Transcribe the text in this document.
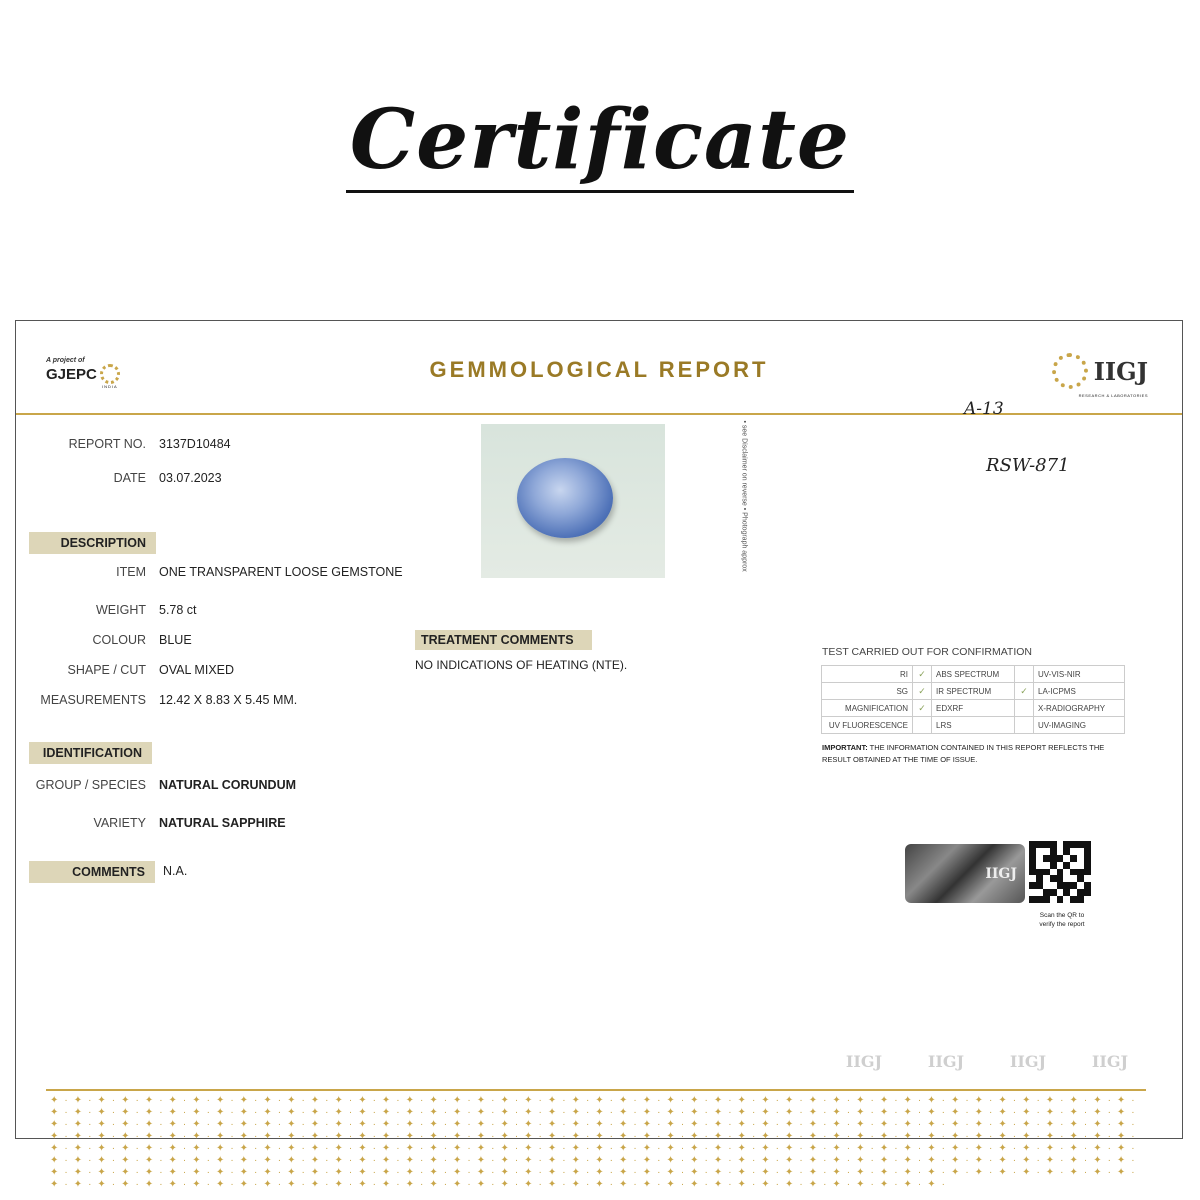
Certificate
A project of
GJEPC
INDIA
GEMMOLOGICAL REPORT	IIGJ
RESEARCH & LABORATORIES
A-13
RSW-871
REPORT NO. 3137D10484
DATE 03.07.2023
DESCRIPTION
ITEM ONE TRANSPARENT LOOSE GEMSTONE
WEIGHT 5.78 ct
COLOUR BLUE
SHAPE / CUT OVAL MIXED
MEASUREMENTS 12.42 X 8.83 X 5.45 MM.
IDENTIFICATION
GROUP / SPECIES NATURAL CORUNDUM
VARIETY NATURAL SAPPHIRE
COMMENTS	N.A.
• see Disclaimer on reverse • Photograph approx
TREATMENT COMMENTS
NO INDICATIONS OF HEATING (NTE).
TEST CARRIED OUT FOR CONFIRMATION
RI	✓	ABS SPECTRUM		UV-VIS-NIR
SG	✓	IR SPECTRUM	✓	LA-ICPMS
MAGNIFICATION	✓	EDXRF		X-RADIOGRAPHY
UV FLUORESCENCE		LRS		UV-IMAGING
IMPORTANT: THE INFORMATION CONTAINED IN THIS REPORT REFLECTS THE RESULT OBTAINED AT THE TIME OF ISSUE.
IIGJ
Scan the QR to verify the report
IIGJ	IIGJ	IIGJ	IIGJ
✦·✦·✦·✦·✦·✦·✦·✦·✦·✦·✦·✦·✦·✦·✦·✦·✦·✦·✦·✦·✦·✦·✦·✦·✦·✦·✦·✦·✦·✦·✦·✦·✦·✦·✦·✦·✦·✦·✦·✦·✦·✦·✦·✦·✦·✦·✦·✦·✦·✦·✦·✦·✦·✦·✦·✦·✦·✦·✦·✦·✦·✦·✦·✦·✦·✦·✦·✦·✦·✦·✦·✦·✦·✦·✦·✦·✦·✦·✦·✦·✦·✦·✦·✦·✦·✦·✦·✦·✦·✦·✦·✦·✦·✦·✦·✦·✦·✦·✦·✦·✦·✦·✦·✦·✦·✦·✦·✦·✦·✦·✦·✦·✦·✦·✦·✦·✦·✦·✦·✦·✦·✦·✦·✦·✦·✦·✦·✦·✦·✦·✦·✦·✦·✦·✦·✦·✦·✦·✦·✦·✦·✦·✦·✦·✦·✦·✦·✦·✦·✦·✦·✦·✦·✦·✦·✦·✦·✦·✦·✦·✦·✦·✦·✦·✦·✦·✦·✦·✦·✦·✦·✦·✦·✦·✦·✦·✦·✦·✦·✦·✦·✦·✦·✦·✦·✦·✦·✦·✦·✦·✦·✦·✦·✦·✦·✦·✦·✦·✦·✦·✦·✦·✦·✦·✦·✦·✦·✦·✦·✦·✦·✦·✦·✦·✦·✦·✦·✦·✦·✦·✦·✦·✦·✦·✦·✦·✦·✦·✦·✦·✦·✦·✦·✦·✦·✦·✦·✦·✦·✦·✦·✦·✦·✦·✦·✦·✦·✦·✦·✦·✦·✦·✦·✦·✦·✦·✦·✦·✦·✦·✦·✦·✦·✦·✦·✦·✦·✦·✦·✦·✦·✦·✦·✦·✦·✦·✦·✦·✦·✦·✦·✦·✦·✦·✦·✦·✦·✦·✦·✦·✦·✦·✦·✦·✦·✦·✦·✦·✦·✦·✦·✦·✦·✦·✦·✦·✦·✦·✦·✦·✦·✦·✦·✦·✦·✦·✦·✦·✦·✦·✦·✦·✦·✦·✦·✦·✦·✦·✦·✦·✦·✦·✦·✦·✦·✦·✦·✦·✦·✦·✦·✦·✦·✦·✦·✦·✦·✦·✦·✦·✦·✦·✦·✦·✦·✦·✦·✦·✦·✦·
